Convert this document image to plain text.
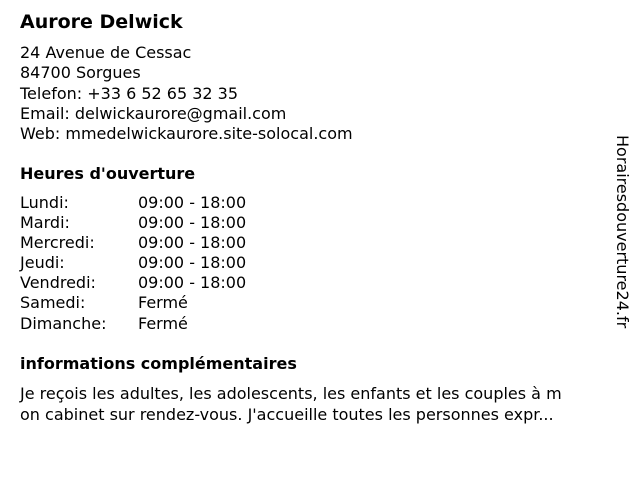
Aurore Delwick
24 Avenue de Cessac
84700 Sorgues
Telefon: +33 6 52 65 32 35
Email: delwickaurore@gmail.com
Web: mmedelwickaurore.site-solocal.com
Heures d'ouverture
Lundi:	09:00 - 18:00
Mardi:	09:00 - 18:00
Mercredi:	09:00 - 18:00
Jeudi:	09:00 - 18:00
Vendredi:	09:00 - 18:00
Samedi:	Fermé
Dimanche: Fermé
informations complémentaires
Je reçois les adultes, les adolescents, les enfants et les couples à m
on cabinet sur rendez-vous. J'accueille toutes les personnes expr...
Horairesdouverture24.fr
